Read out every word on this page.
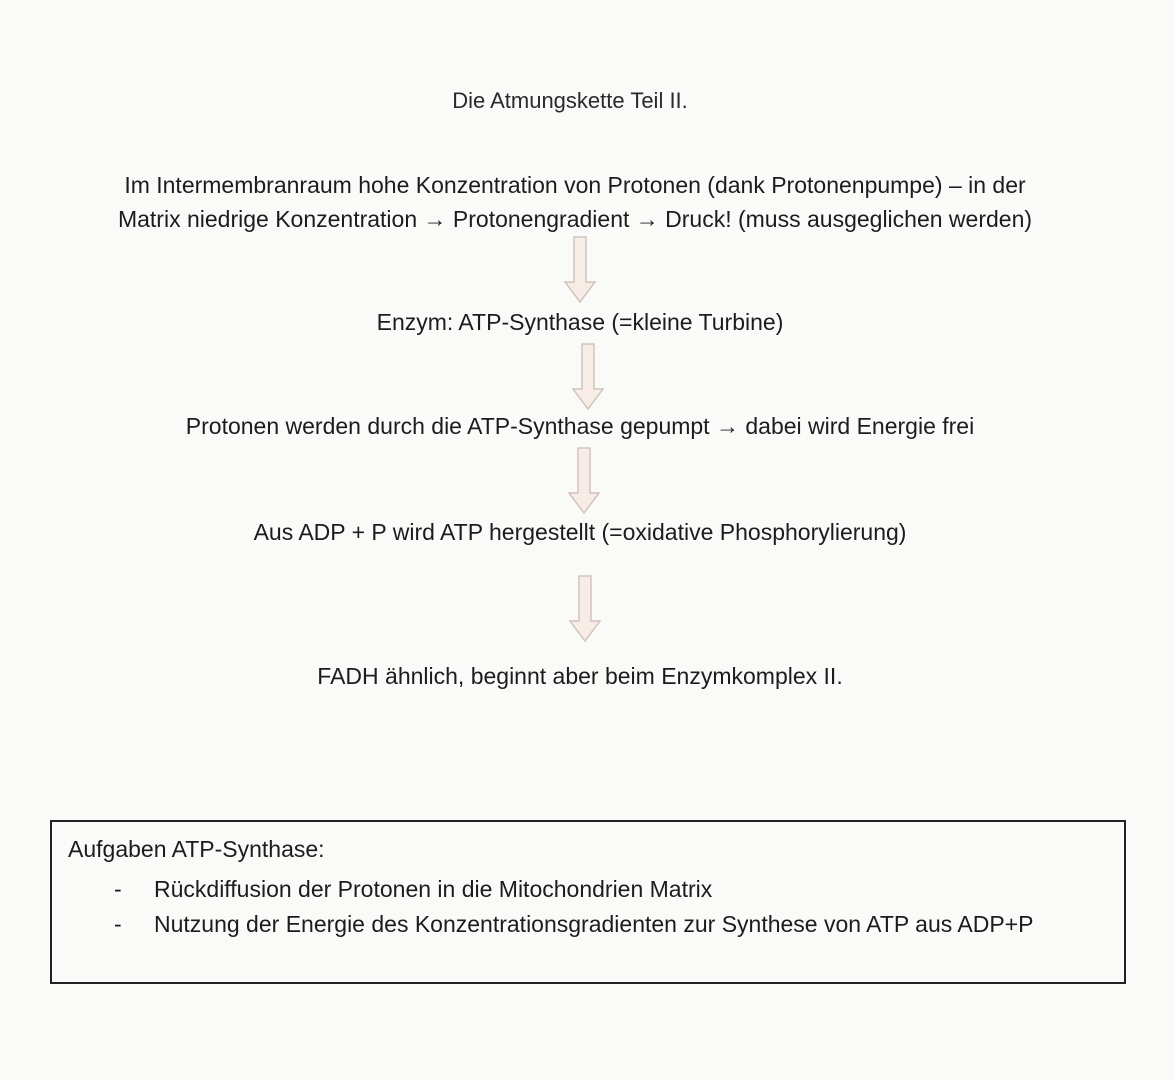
Die Atmungskette Teil II.
Im Intermembranraum hohe Konzentration von Protonen (dank Protonenpumpe) – in der
Matrix niedrige Konzentration → Protonengradient → Druck! (muss ausgeglichen werden)
Enzym: ATP-Synthase (=kleine Turbine)
Protonen werden durch die ATP-Synthase gepumpt → dabei wird Energie frei
Aus ADP + P wird ATP hergestellt (=oxidative Phosphorylierung)
FADH ähnlich, beginnt aber beim Enzymkomplex II.
Aufgaben ATP-Synthase:
- Rückdiffusion der Protonen in die Mitochondrien Matrix
- Nutzung der Energie des Konzentrationsgradienten zur Synthese von ATP aus ADP+P
